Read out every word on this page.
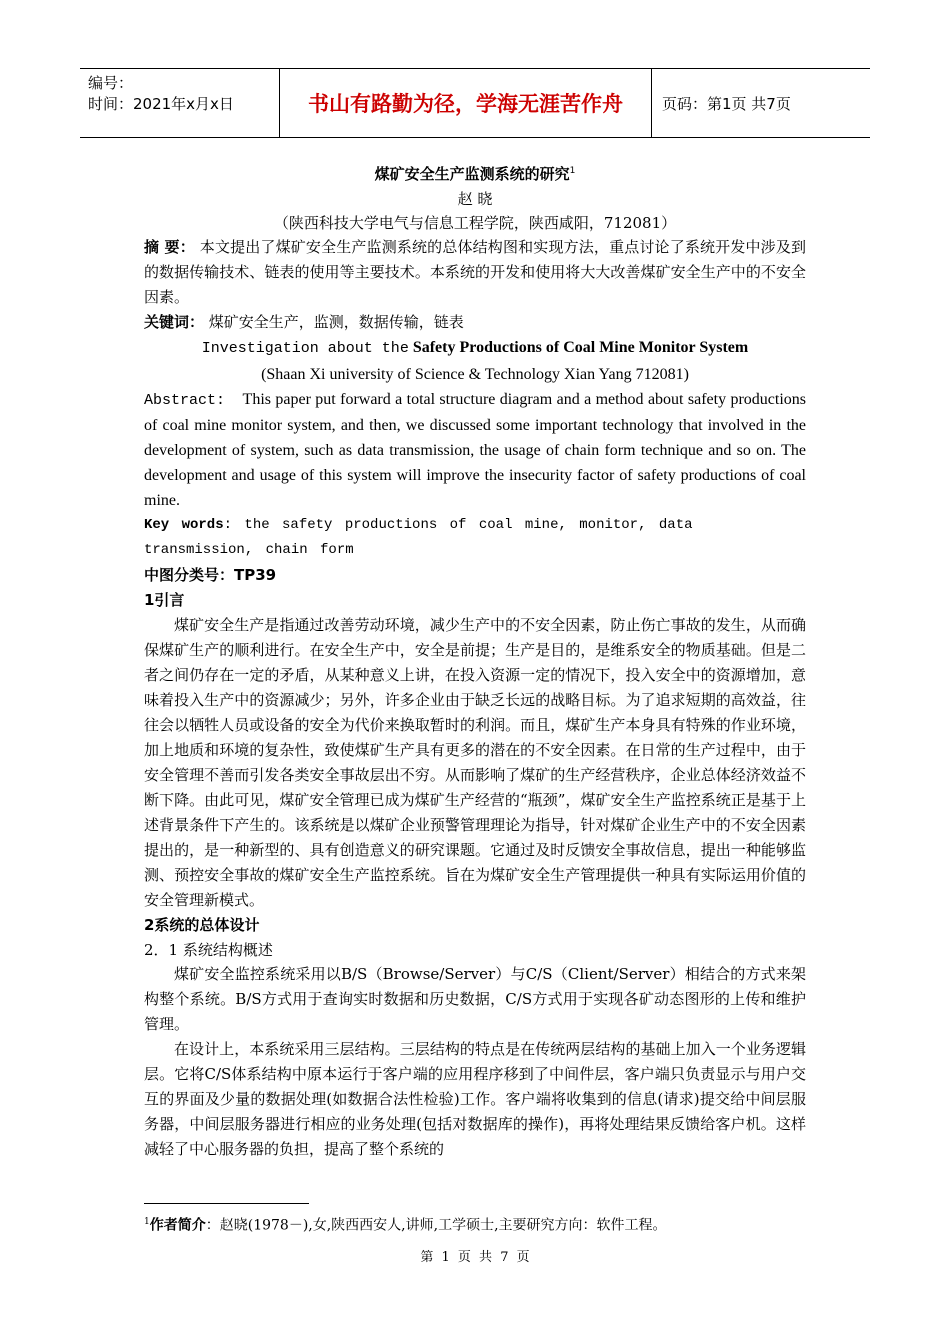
编号：
时间：2021年x月x日	书山有路勤为径，学海无涯苦作舟	页码：第1页 共7页
煤矿安全生产监测系统的研究$^1$
赵 晓
（陕西科技大学电气与信息工程学院，陕西咸阳，712081）
摘 要： 本文提出了煤矿安全生产监测系统的总体结构图和实现方法，重点讨论了系统开发中涉及到的数据传输技术、链表的使用等主要技术。本系统的开发和使用将大大改善煤矿安全生产中的不安全因素。
关键词： 煤矿安全生产，监测，数据传输，链表
Investigation about the Safety Productions of Coal Mine Monitor System
(Shaan Xi university of Science & Technology Xian Yang 712081)
Abstract: This paper put forward a total structure diagram and a method about safety productions of coal mine monitor system, and then, we discussed some important technology that involved in the development of system, such as data transmission, the usage of chain form technique and so on. The development and usage of this system will improve the insecurity factor of safety productions of coal mine.
Key words: the safety productions of coal mine, monitor, data transmission, chain form
中图分类号：TP39
1引言
煤矿安全生产是指通过改善劳动环境，减少生产中的不安全因素，防止伤亡事故的发生，从而确保煤矿生产的顺利进行。在安全生产中，安全是前提；生产是目的，是维系安全的物质基础。但是二者之间仍存在一定的矛盾，从某种意义上讲，在投入资源一定的情况下，投入安全中的资源增加，意味着投入生产中的资源减少；另外，许多企业由于缺乏长远的战略目标。为了追求短期的高效益，往往会以牺牲人员或设备的安全为代价来换取暂时的利润。而且，煤矿生产本身具有特殊的作业环境，加上地质和环境的复杂性，致使煤矿生产具有更多的潜在的不安全因素。在日常的生产过程中，由于安全管理不善而引发各类安全事故层出不穷。从而影响了煤矿的生产经营秩序，企业总体经济效益不断下降。由此可见，煤矿安全管理已成为煤矿生产经营的“瓶颈”，煤矿安全生产监控系统正是基于上述背景条件下产生的。该系统是以煤矿企业预警管理理论为指导，针对煤矿企业生产中的不安全因素提出的，是一种新型的、具有创造意义的研究课题。它通过及时反馈安全事故信息，提出一种能够监测、预控安全事故的煤矿安全生产监控系统。旨在为煤矿安全生产管理提供一种具有实际运用价值的安全管理新模式。
2系统的总体设计
2．1 系统结构概述
煤矿安全监控系统采用以B/S（Browse/Server）与C/S（Client/Server）相结合的方式来架构整个系统。B/S方式用于查询实时数据和历史数据，C/S方式用于实现各矿动态图形的上传和维护管理。
在设计上，本系统采用三层结构。三层结构的特点是在传统两层结构的基础上加入一个业务逻辑层。它将C/S体系结构中原本运行于客户端的应用程序移到了中间件层，客户端只负责显示与用户交互的界面及少量的数据处理(如数据合法性检验)工作。客户端将收集到的信息(请求)提交给中间层服务器，中间层服务器进行相应的业务处理(包括对数据库的操作)，再将处理结果反馈给客户机。这样减轻了中心服务器的负担，提高了整个系统的
$^1$作者简介：赵晓(1978－),女,陕西西安人,讲师,工学硕士,主要研究方向：软件工程。
第 1 页 共 7 页
